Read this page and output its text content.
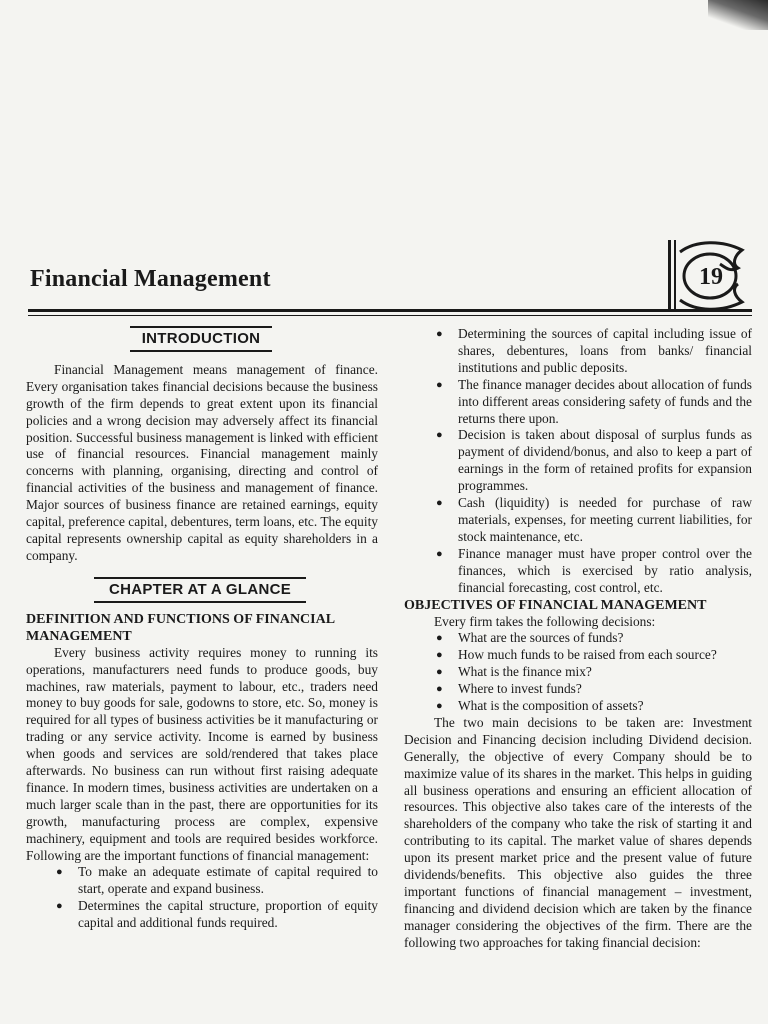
Financial Management	19
INTRODUCTION

Financial Management means management of finance. Every organisation takes financial decisions because the business growth of the firm depends to great extent upon its financial policies and a wrong decision may adversely affect its financial position. Successful business management is linked with efficient use of financial resources. Financial management mainly concerns with planning, organising, directing and control of financial activities of the business and management of finance. Major sources of business finance are retained earnings, equity capital, preference capital, debentures, term loans, etc. The equity capital represents ownership capital as equity shareholders in a company.

CHAPTER AT A GLANCE
DEFINITION AND FUNCTIONS OF FINANCIAL MANAGEMENT

Every business activity requires money to running its operations, manufacturers need funds to produce goods, buy machines, raw materials, payment to labour, etc., traders need money to buy goods for sale, godowns to store, etc. So, money is required for all types of business activities be it manufacturing or trading or any service activity. Income is earned by business when goods and services are sold/rendered that takes place afterwards. No business can run without first raising adequate finance. In modern times, business activities are undertaken on a much larger scale than in the past, there are opportunities for its growth, manufacturing process are complex, expensive machinery, equipment and tools are required besides workforce. Following are the important functions of financial management:

● To make an adequate estimate of capital required to start, operate and expand business.
● Determines the capital structure, proportion of equity capital and additional funds required.
● Determining the sources of capital including issue of shares, debentures, loans from banks/ financial institutions and public deposits.
● The finance manager decides about allocation of funds into different areas considering safety of funds and the returns there upon.
● Decision is taken about disposal of surplus funds as payment of dividend/bonus, and also to keep a part of earnings in the form of retained profits for expansion programmes.
● Cash (liquidity) is needed for purchase of raw materials, expenses, for meeting current liabilities, for stock maintenance, etc.
● Finance manager must have proper control over the finances, which is exercised by ratio analysis, financial forecasting, cost control, etc.
OBJECTIVES OF FINANCIAL MANAGEMENT

Every firm takes the following decisions:

● What are the sources of funds?
● How much funds to be raised from each source?
● What is the finance mix?
● Where to invest funds?
● What is the composition of assets?

The two main decisions to be taken are: Investment Decision and Financing decision including Dividend decision. Generally, the objective of every Company should be to maximize value of its shares in the market. This helps in guiding all business operations and ensuring an efficient allocation of resources. This objective also takes care of the interests of the shareholders of the company who take the risk of starting it and contributing to its capital. The market value of shares depends upon its present market price and the present value of future dividends/benefits. This objective also guides the three important functions of financial management – investment, financing and dividend decision which are taken by the finance manager considering the objectives of the firm. There are the following two approaches for taking financial decision:
